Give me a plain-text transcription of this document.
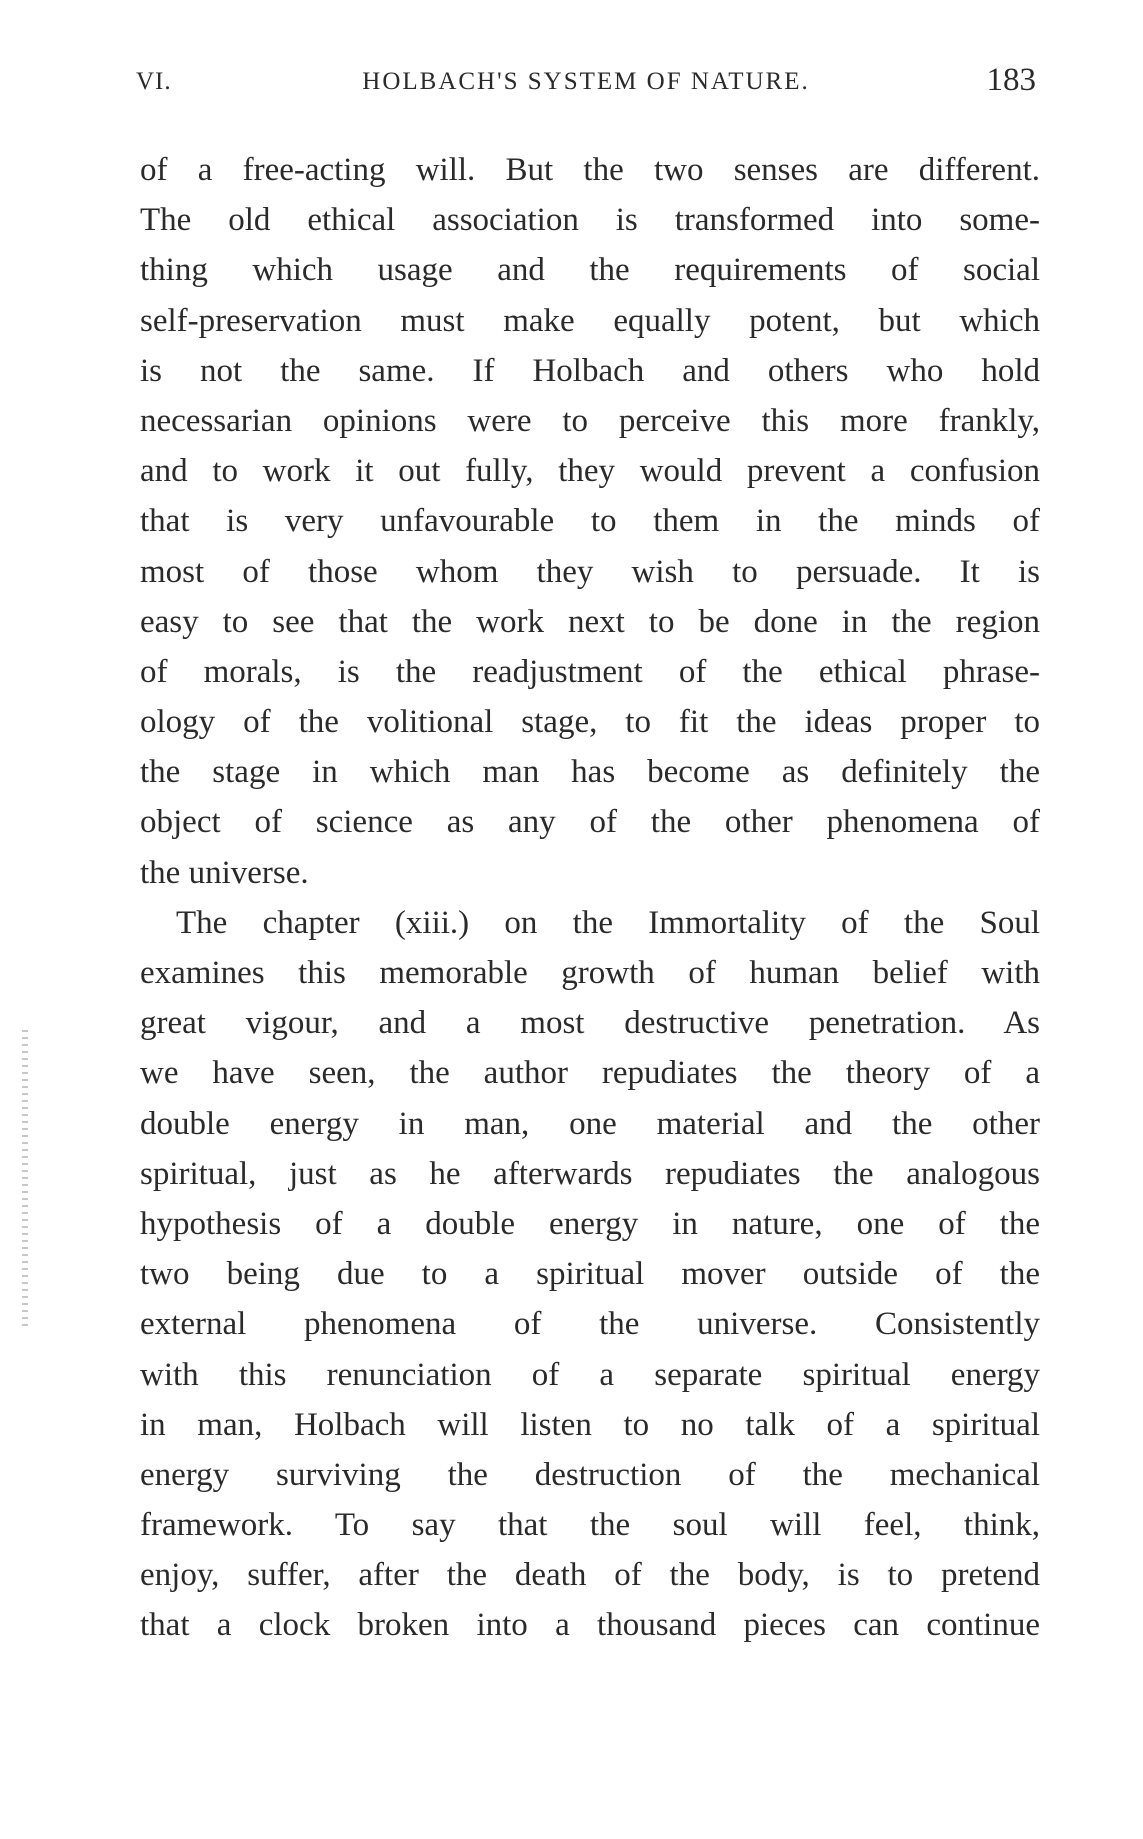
VI.	HOLBACH'S SYSTEM OF NATURE.	183
of a free-acting will. But the two senses are different.
The old ethical association is transformed into some-
thing which usage and the requirements of social
self-preservation must make equally potent, but which
is not the same. If Holbach and others who hold
necessarian opinions were to perceive this more frankly,
and to work it out fully, they would prevent a confusion
that is very unfavourable to them in the minds of
most of those whom they wish to persuade. It is
easy to see that the work next to be done in the region
of morals, is the readjustment of the ethical phrase-
ology of the volitional stage, to fit the ideas proper to
the stage in which man has become as definitely the
object of science as any of the other phenomena of
the universe.
The chapter (xiii.) on the Immortality of the Soul
examines this memorable growth of human belief with
great vigour, and a most destructive penetration. As
we have seen, the author repudiates the theory of a
double energy in man, one material and the other
spiritual, just as he afterwards repudiates the analogous
hypothesis of a double energy in nature, one of the
two being due to a spiritual mover outside of the
external phenomena of the universe. Consistently
with this renunciation of a separate spiritual energy
in man, Holbach will listen to no talk of a spiritual
energy surviving the destruction of the mechanical
framework. To say that the soul will feel, think,
enjoy, suffer, after the death of the body, is to pretend
that a clock broken into a thousand pieces can continue
